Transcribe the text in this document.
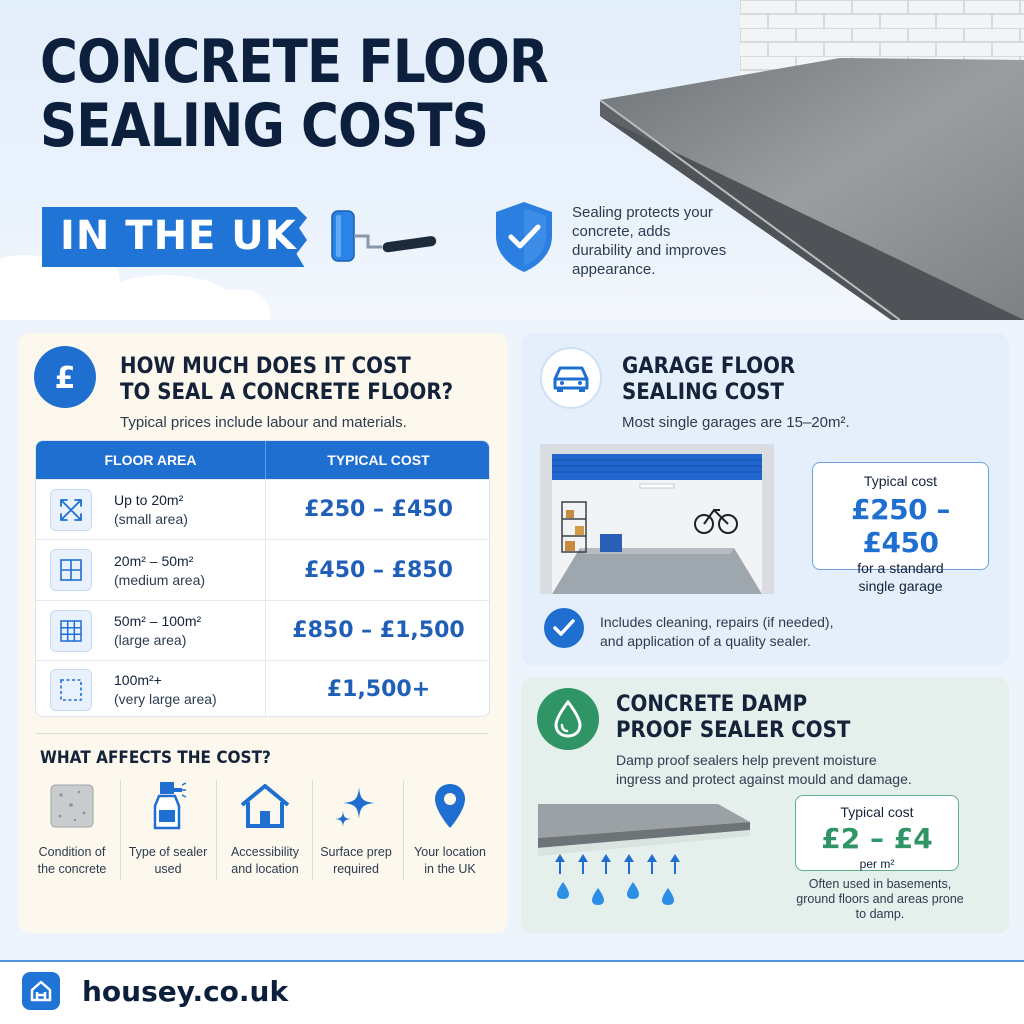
CONCRETE FLOOR
SEALING COSTS
IN THE UK
Sealing protects your concrete, adds durability and improves appearance.
£ HOW MUCH DOES IT COST
TO SEAL A CONCRETE FLOOR?
Typical prices include labour and materials.
FLOOR AREA	TYPICAL COST
Up to 20m²
(small area)	£250 – £450
20m² – 50m²
(medium area)	£450 – £850
50m² – 100m²
(large area)	£850 – £1,500
100m²+
(very large area)	£1,500+
WHAT AFFECTS THE COST?
Condition of
the concrete
Type of sealer
used
Accessibility
and location
Surface prep
required
Your location
in the UK
GARAGE FLOOR
SEALING COST
Most single garages are 15–20m².
Typical cost
£250 – £450
for a standard
single garage
Includes cleaning, repairs (if needed),
and application of a quality sealer.
CONCRETE DAMP
PROOF SEALER COST
Damp proof sealers help prevent moisture
ingress and protect against mould and damage.
Typical cost
£2 – £4
per m²
Often used in basements, ground floors and areas prone to damp.
housey.co.uk
